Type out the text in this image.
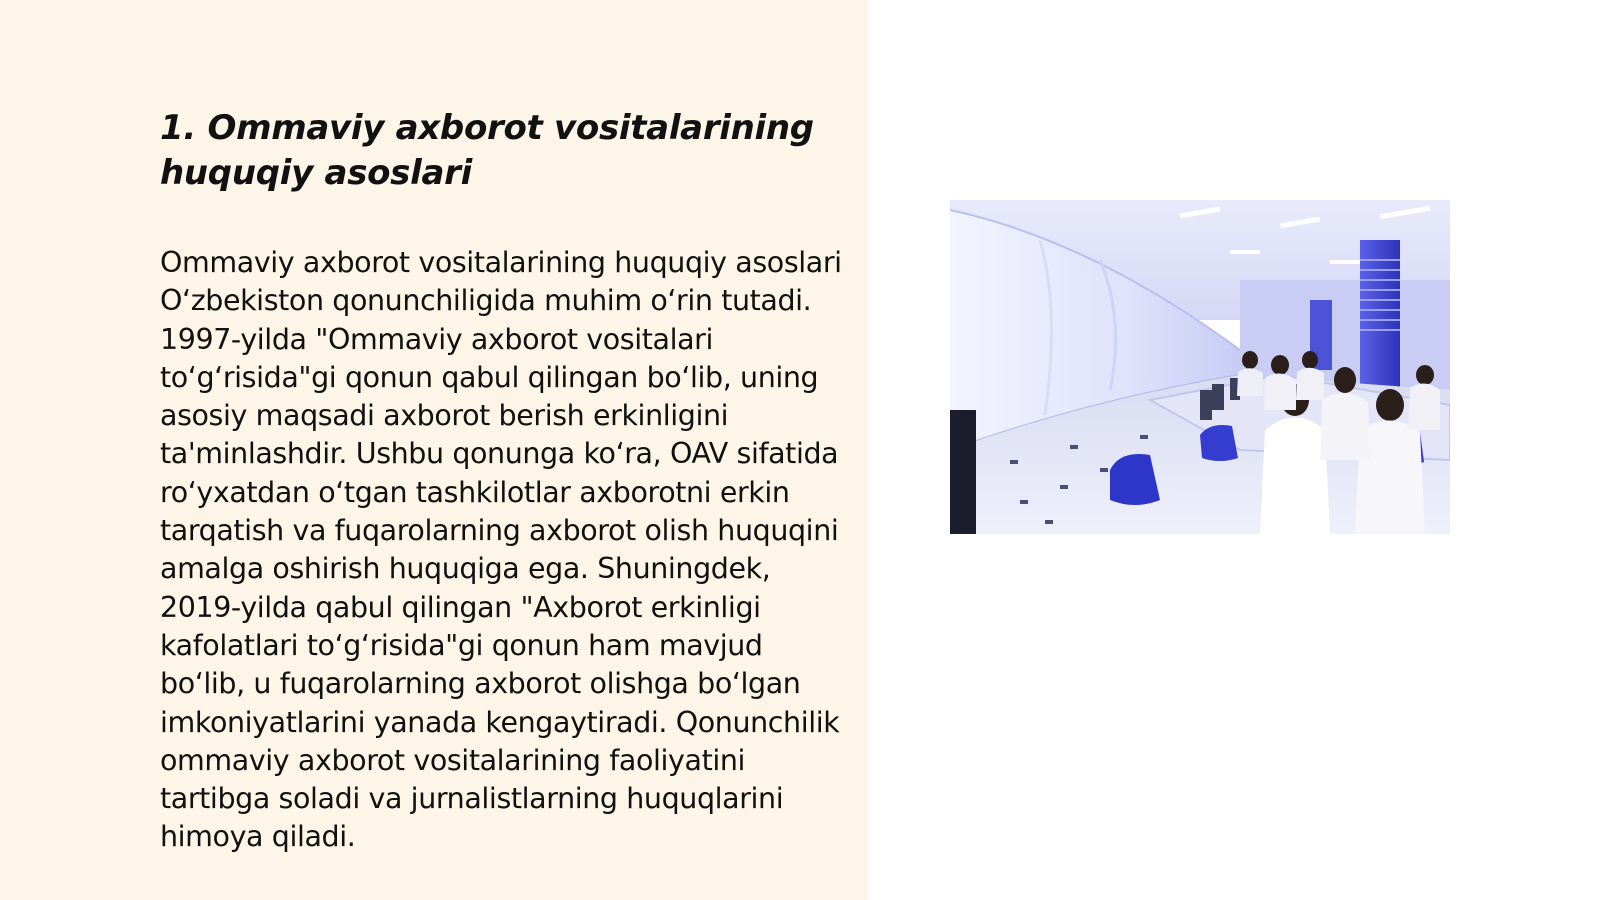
1. Ommaviy axborot vositalarining huquqiy asoslari

Ommaviy axborot vositalarining huquqiy asoslari O‘zbekiston qonunchiligida muhim o‘rin tutadi. 1997-yilda "Ommaviy axborot vositalari to‘g‘risida"gi qonun qabul qilingan bo‘lib, uning asosiy maqsadi axborot berish erkinligini ta'minlashdir. Ushbu qonunga ko‘ra, OAV sifatida ro‘yxatdan o‘tgan tashkilotlar axborotni erkin tarqatish va fuqarolarning axborot olish huquqini amalga oshirish huquqiga ega. Shuningdek, 2019-yilda qabul qilingan "Axborot erkinligi kafolatlari to‘g‘risida"gi qonun ham mavjud bo‘lib, u fuqarolarning axborot olishga bo‘lgan imkoniyatlarini yanada kengaytiradi. Qonunchilik ommaviy axborot vositalarining faoliyatini tartibga soladi va jurnalistlarning huquqlarini himoya qiladi.
